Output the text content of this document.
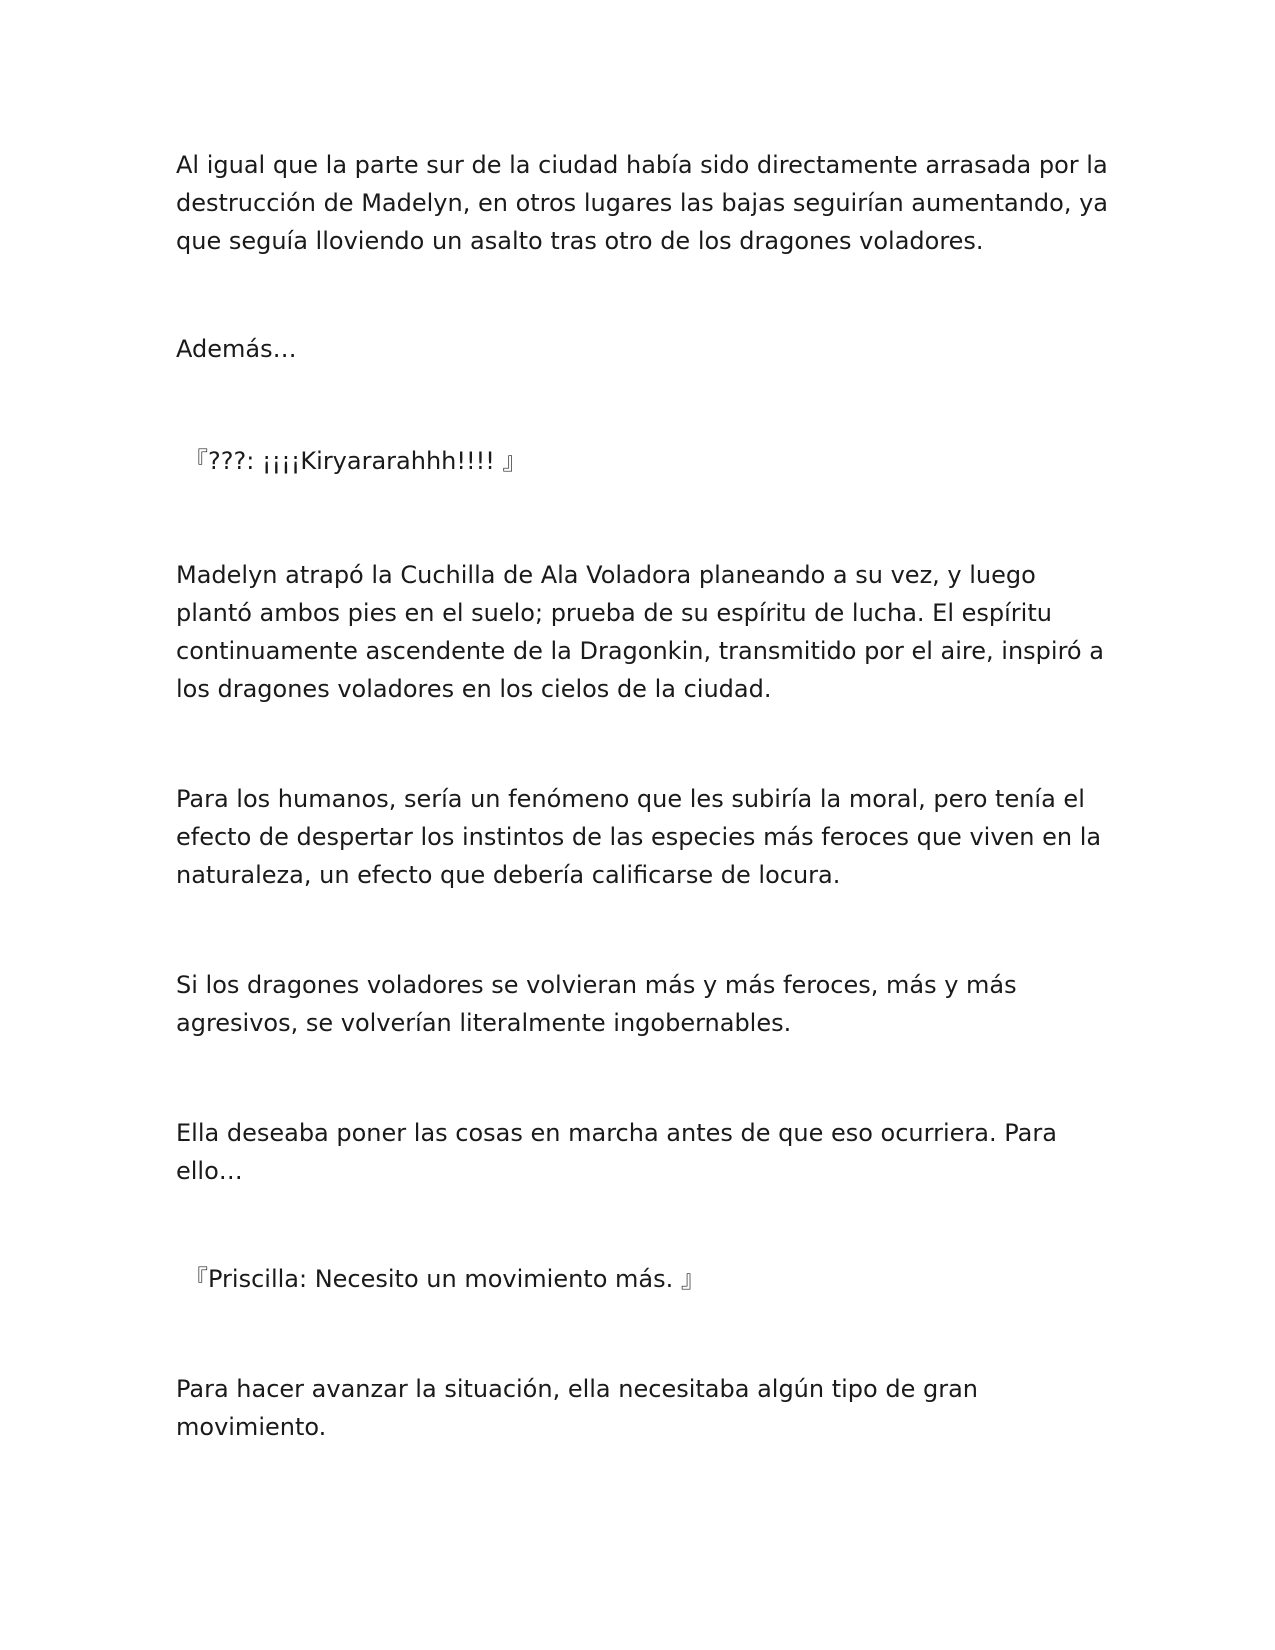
Al igual que la parte sur de la ciudad había sido directamente arrasada por la
destrucción de Madelyn, en otros lugares las bajas seguirían aumentando, ya
que seguía lloviendo un asalto tras otro de los dragones voladores.

Además…

『???: ¡¡¡¡Kiryararahhh!!!! 』

Madelyn atrapó la Cuchilla de Ala Voladora planeando a su vez, y luego
plantó ambos pies en el suelo; prueba de su espíritu de lucha. El espíritu
continuamente ascendente de la Dragonkin, transmitido por el aire, inspiró a
los dragones voladores en los cielos de la ciudad.

Para los humanos, sería un fenómeno que les subiría la moral, pero tenía el
efecto de despertar los instintos de las especies más feroces que viven en la
naturaleza, un efecto que debería calificarse de locura.

Si los dragones voladores se volvieran más y más feroces, más y más
agresivos, se volverían literalmente ingobernables.

Ella deseaba poner las cosas en marcha antes de que eso ocurriera. Para
ello…

『Priscilla: Necesito un movimiento más. 』

Para hacer avanzar la situación, ella necesitaba algún tipo de gran
movimiento.
